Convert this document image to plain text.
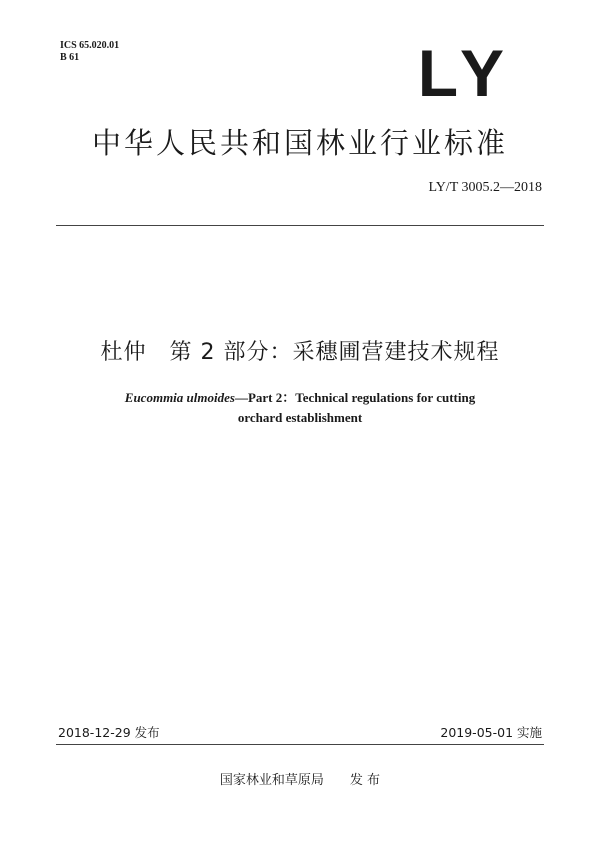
ICS 65.020.01
B 61	LY
中华人民共和国林业行业标准
LY/T 3005.2—2018
杜仲　第 2 部分：采穗圃营建技术规程
Eucommia ulmoides—Part 2：Technical regulations for cutting
orchard establishment
2018-12-29 发布	2019-05-01 实施
国家林业和草原局　　发 布
